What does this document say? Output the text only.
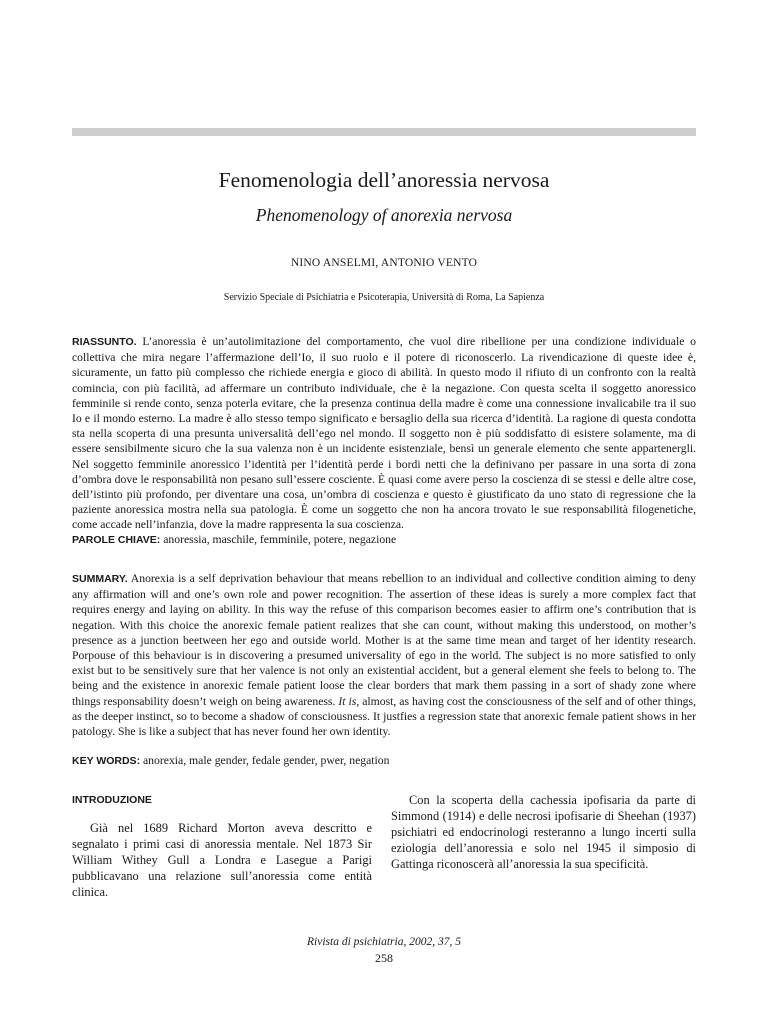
Fenomenologia dell’anoressia nervosa
Phenomenology of anorexia nervosa
NINO ANSELMI, ANTONIO VENTO
Servizio Speciale di Psichiatria e Psicoterapia, Università di Roma, La Sapienza
RIASSUNTO. L’anoressia è un’autolimitazione del comportamento, che vuol dire ribellione per una condizione individuale o collettiva che mira negare l’affermazione dell’Io, il suo ruolo e il potere di riconoscerlo. La rivendicazione di queste idee è, sicuramente, un fatto più complesso che richiede energia e gioco di abilità. In questo modo il rifiuto di un confronto con la realtà comincia, con più facilità, ad affermare un contributo individuale, che è la negazione. Con questa scelta il soggetto anoressico femminile si rende conto, senza poterla evitare, che la presenza continua della madre è come una connessione invalicabile tra il suo Io e il mondo esterno. La madre è allo stesso tempo significato e bersaglio della sua ricerca d’identità. La ragione di questa condotta sta nella scoperta di una presunta universalità dell’ego nel mondo. Il soggetto non è più soddisfatto di esistere solamente, ma di essere sensibilmente sicuro che la sua valenza non è un incidente esistenziale, bensì un generale elemento che sente appartenergli. Nel soggetto femminile anoressico l’identità per l’identità perde i bordi netti che la definivano per passare in una sorta di zona d’ombra dove le responsabilità non pesano sull’essere cosciente. È quasi come avere perso la coscienza di se stessi e delle altre cose, dell’istinto più profondo, per diventare una cosa, un’ombra di coscienza e questo è giustificato da uno stato di regressione che la paziente anoressica mostra nella sua patologia. È come un soggetto che non ha ancora trovato le sue responsabilità filogenetiche, come accade nell’infanzia, dove la madre rappresenta la sua coscienza.
PAROLE CHIAVE: anoressia, maschile, femminile, potere, negazione
SUMMARY. Anorexia is a self deprivation behaviour that means rebellion to an individual and collective condition aiming to deny any affirmation will and one’s own role and power recognition. The assertion of these ideas is surely a more complex fact that requires energy and laying on ability. In this way the refuse of this comparison becomes easier to affirm one’s contribution that is negation. With this choice the anorexic female patient realizes that she can count, without making this understood, on mother’s presence as a junction beetween her ego and outside world. Mother is at the same time mean and target of her identity research. Porpouse of this behaviour is in discovering a presumed universality of ego in the world. The subject is no more satisfied to only exist but to be sensitively sure that her valence is not only an existential accident, but a general element she feels to belong to. The being and the existence in anorexic female patient loose the clear borders that mark them passing in a sort of shady zone where things responsability doesn’t weigh on being awareness. It is, almost, as having cost the consciousness of the self and of other things, as the deeper instinct, so to become a shadow of consciousness. It justfies a regression state that anorexic female patient shows in her patology. She is like a subject that has never found her own identity.
KEY WORDS: anorexia, male gender, fedale gender, pwer, negation
INTRODUZIONE
Già nel 1689 Richard Morton aveva descritto e segnalato i primi casi di anoressia mentale. Nel 1873 Sir William Withey Gull a Londra e Lasegue a Parigi pubblicavano una relazione sull’anoressia come entità clinica.
Con la scoperta della cachessia ipofisaria da parte di Simmond (1914) e delle necrosi ipofisarie di Sheehan (1937) psichiatri ed endocrinologi resteranno a lungo incerti sulla eziologia dell’anoressia e solo nel 1945 il simposio di Gattinga riconoscerà all’anoressia la sua specificità.
Rivista di psichiatria, 2002, 37, 5
258
